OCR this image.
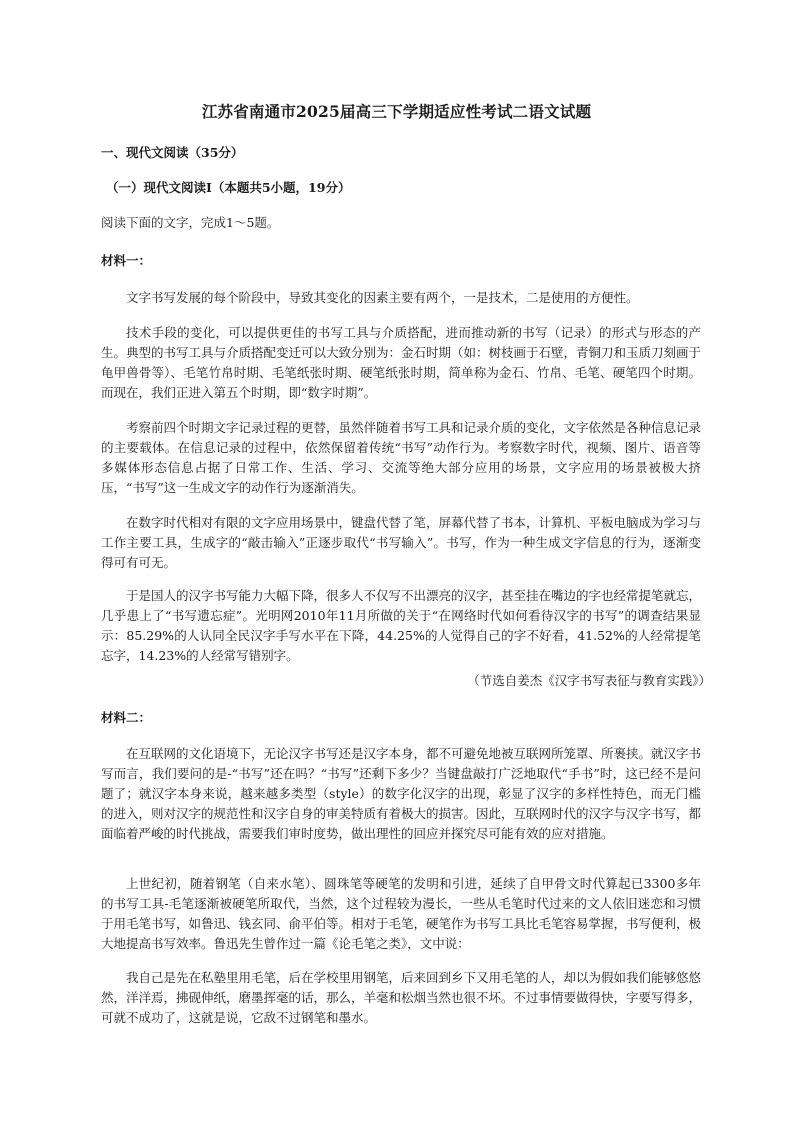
江苏省南通市2025届高三下学期适应性考试二语文试题
一、现代文阅读（35分）
（一）现代文阅读Ⅰ（本题共5小题，19分）
阅读下面的文字，完成1～5题。
材料一：
文字书写发展的每个阶段中，导致其变化的因素主要有两个，一是技术，二是使用的方便性。
技术手段的变化，可以提供更佳的书写工具与介质搭配，进而推动新的书写（记录）的形式与形态的产生。典型的书写工具与介质搭配变迁可以大致分别为：金石时期（如：树枝画于石壁，青铜刀和玉质刀刻画于龟甲兽骨等）、毛笔竹帛时期、毛笔纸张时期、硬笔纸张时期，简单称为金石、竹帛、毛笔、硬笔四个时期。而现在，我们正进入第五个时期，即“数字时期”。
考察前四个时期文字记录过程的更替，虽然伴随着书写工具和记录介质的变化，文字依然是各种信息记录的主要载体。在信息记录的过程中，依然保留着传统“书写”动作行为。考察数字时代，视频、图片、语音等多媒体形态信息占据了日常工作、生活、学习、交流等绝大部分应用的场景，文字应用的场景被极大挤压，“书写”这一生成文字的动作行为逐渐消失。
在数字时代相对有限的文字应用场景中，键盘代替了笔，屏幕代替了书本，计算机、平板电脑成为学习与工作主要工具，生成字的“敲击输入”正逐步取代“书写输入”。书写，作为一种生成文字信息的行为，逐渐变得可有可无。
于是国人的汉字书写能力大幅下降，很多人不仅写不出漂亮的汉字，甚至挂在嘴边的字也经常提笔就忘，几乎患上了“书写遗忘症”。光明网2010年11月所做的关于“在网络时代如何看待汉字的书写”的调查结果显示：85.29%的人认同全民汉字手写水平在下降，44.25%的人觉得自己的字不好看，41.52%的人经常提笔忘字，14.23%的人经常写错别字。
（节选自姜杰《汉字书写表征与教育实践》）
材料二：
在互联网的文化语境下，无论汉字书写还是汉字本身，都不可避免地被互联网所笼罩、所裹挟。就汉字书写而言，我们要问的是-“书写”还在吗？“书写”还剩下多少？当键盘敲打广泛地取代“手书”时，这已经不是问题了；就汉字本身来说，越来越多类型（style）的数字化汉字的出现，彰显了汉字的多样性特色，而无门槛的进入，则对汉字的规范性和汉字自身的审美特质有着极大的损害。因此，互联网时代的汉字与汉字书写，都面临着严峻的时代挑战，需要我们审时度势，做出理性的回应并探究尽可能有效的应对措施。
上世纪初，随着钢笔（自来水笔）、圆珠笔等硬笔的发明和引进，延续了自甲骨文时代算起已3300多年的书写工具-毛笔逐渐被硬笔所取代，当然，这个过程较为漫长，一些从毛笔时代过来的文人依旧迷恋和习惯于用毛笔书写，如鲁迅、钱玄同、俞平伯等。相对于毛笔，硬笔作为书写工具比毛笔容易掌握，书写便利，极大地提高书写效率。鲁迅先生曾作过一篇《论毛笔之类》，文中说：
我自己是先在私塾里用毛笔，后在学校里用钢笔，后来回到乡下又用毛笔的人，却以为假如我们能够悠悠然，洋洋焉，拂砚伸纸，磨墨挥毫的话，那么，羊毫和松烟当然也很不坏。不过事情要做得快，字要写得多，可就不成功了，这就是说，它敌不过钢笔和墨水。
